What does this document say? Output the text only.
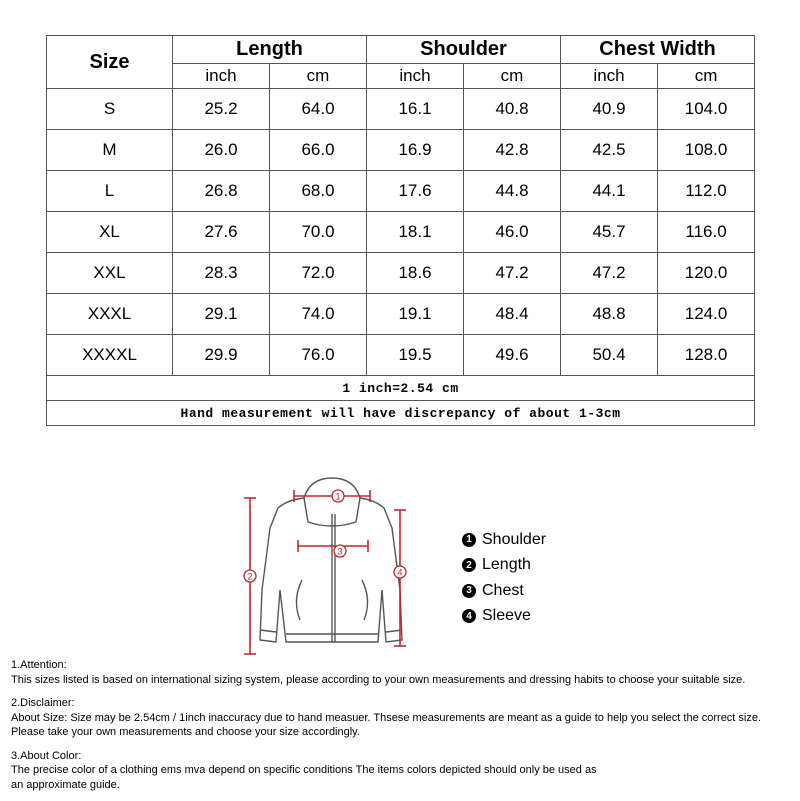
Size	Length		Shoulder		Chest Width	
	inch	cm	inch	cm	inch	cm
S	25.2	64.0	16.1	40.8	40.9	104.0
M	26.0	66.0	16.9	42.8	42.5	108.0
L	26.8	68.0	17.6	44.8	44.1	112.0
XL	27.6	70.0	18.1	46.0	45.7	116.0
XXL	28.3	72.0	18.6	47.2	47.2	120.0
XXXL	29.1	74.0	19.1	48.4	48.8	124.0
XXXXL	29.9	76.0	19.5	49.6	50.4	128.0
1 inch=2.54 cm						
Hand measurement will have discrepancy of about 1-3cm						
1
2
3
4
1 Shoulder
2 Length
3 Chest
4 Sleeve

1.Attention:

This sizes listed is based on international sizing system, please according to your own measurements and dressing habits to choose your suitable size.

2.Disclaimer:

About Size: Size may be 2.54cm / 1inch inaccuracy due to hand measuer. Thsese measurements are meant as a guide to help you select the correct size.

Please take your own measurements and choose your size accordingly.

3.About Color:

The precise color of a clothing ems mva depend on specific conditions The items colors depicted should only be used as

an approximate guide.
